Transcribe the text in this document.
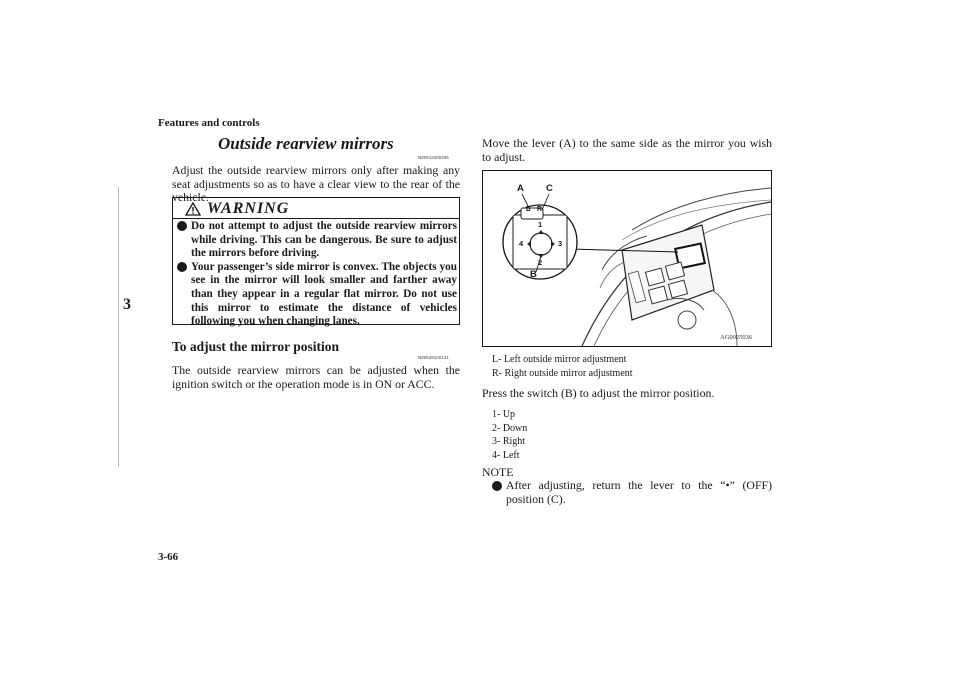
Features and controls
3
Outside rearview mirrors
N00512200206
Adjust the outside rearview mirrors only after making any seat adjustments so as to have a clear view to the rear of the vehicle.
WARNING
Do not attempt to adjust the outside rearview mirrors while driving. This can be dangerous. Be sure to adjust the mirrors before driving.
Your passenger’s side mirror is convex. The objects you see in the mirror will look smaller and farther away than they appear in a regular flat mirror. Do not use this mirror to estimate the distance of vehicles following you when changing lanes.
To adjust the mirror position
N00549100131
The outside rearview mirrors can be adjusted when the ignition switch or the operation mode is in ON or ACC.
Move the lever (A) to the same side as the mirror you wish to adjust.
A C
L R
1
2
3
4
B
AG0025036
L- Left outside mirror adjustment
R- Right outside mirror adjustment
Press the switch (B) to adjust the mirror position.
1- Up
2- Down
3- Right
4- Left
NOTE
After adjusting, return the lever to the “•” (OFF) position (C).
3-66
